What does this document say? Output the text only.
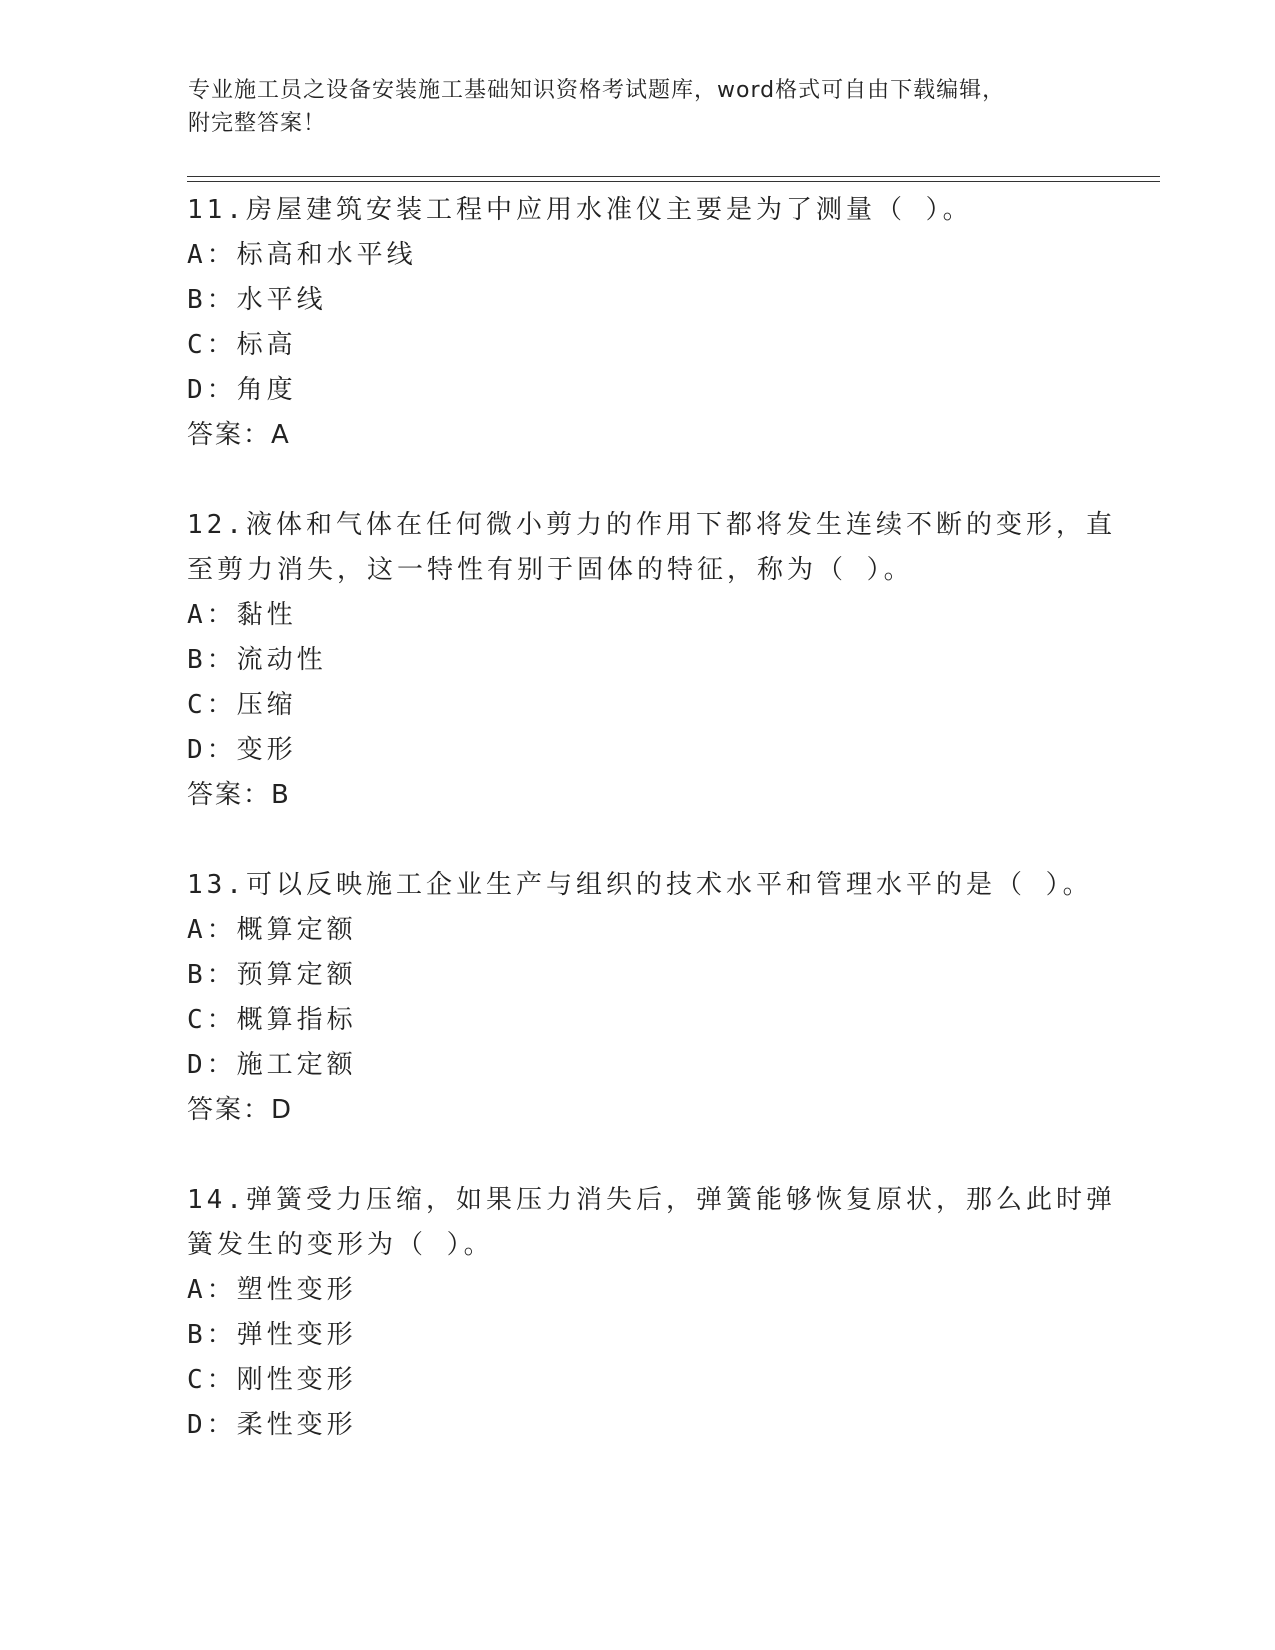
专业施工员之设备安装施工基础知识资格考试题库，word格式可自由下载编辑，
附完整答案！
11.房屋建筑安装工程中应用水准仪主要是为了测量（ ）。
A：标高和水平线
B：水平线
C：标高
D：角度
答案：A
12.液体和气体在任何微小剪力的作用下都将发生连续不断的变形，直
至剪力消失，这一特性有别于固体的特征，称为（ ）。
A：黏性
B：流动性
C：压缩
D：变形
答案：B
13.可以反映施工企业生产与组织的技术水平和管理水平的是（ ）。
A：概算定额
B：预算定额
C：概算指标
D：施工定额
答案：D
14.弹簧受力压缩，如果压力消失后，弹簧能够恢复原状，那么此时弹
簧发生的变形为（ ）。
A：塑性变形
B：弹性变形
C：刚性变形
D：柔性变形
